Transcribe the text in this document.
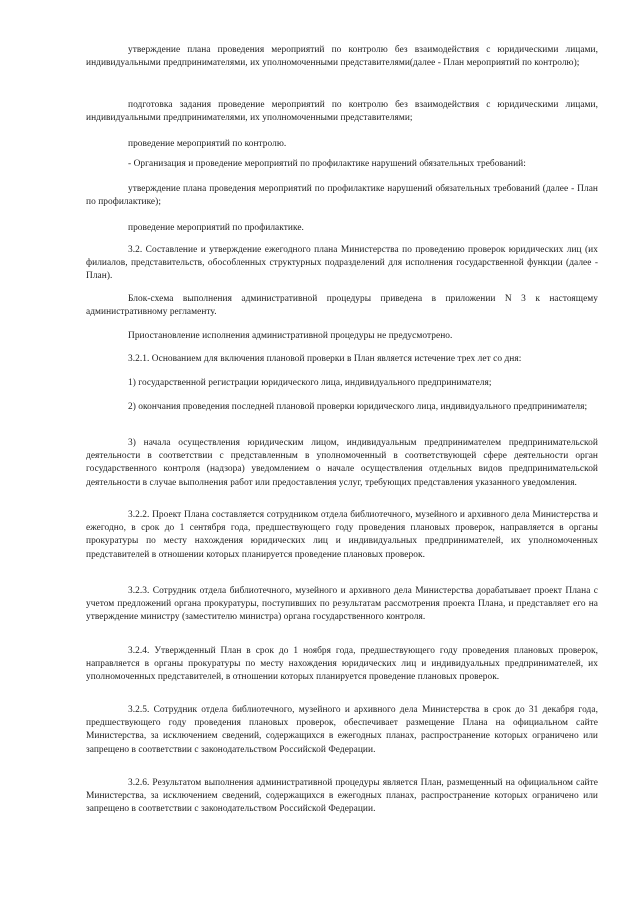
утверждение плана проведения мероприятий по контролю без взаимодействия с юридическими лицами, индивидуальными предпринимателями, их уполномоченными представителями(далее - План мероприятий по контролю);

подготовка задания проведение мероприятий по контролю без взаимодействия с юридическими лицами, индивидуальными предпринимателями, их уполномоченными представителями;

проведение мероприятий по контролю.

- Организация и проведение мероприятий по профилактике нарушений обязательных требований:

утверждение плана проведения мероприятий по профилактике нарушений обязательных требований (далее - План по профилактике);

проведение мероприятий по профилактике.

3.2. Составление и утверждение ежегодного плана Министерства по проведению проверок юридических лиц (их филиалов, представительств, обособленных структурных подразделений для исполнения государственной функции (далее - План).

Блок-схема выполнения административной процедуры приведена в приложении N 3 к настоящему административному регламенту.

Приостановление исполнения административной процедуры не предусмотрено.

3.2.1. Основанием для включения плановой проверки в План является истечение трех лет со дня:

1) государственной регистрации юридического лица, индивидуального предпринимателя;

2) окончания проведения последней плановой проверки юридического лица, индивидуального предпринимателя;

3) начала осуществления юридическим лицом, индивидуальным предпринимателем предпринимательской деятельности в соответствии с представленным в уполномоченный в соответствующей сфере деятельности орган государственного контроля (надзора) уведомлением о начале осуществления отдельных видов предпринимательской деятельности в случае выполнения работ или предоставления услуг, требующих представления указанного уведомления.

3.2.2. Проект Плана составляется сотрудником отдела библиотечного, музейного и архивного дела Министерства и ежегодно, в срок до 1 сентября года, предшествующего году проведения плановых проверок, направляется в органы прокуратуры по месту нахождения юридических лиц и индивидуальных предпринимателей, их уполномоченных представителей в отношении которых планируется проведение плановых проверок.

3.2.3. Сотрудник отдела библиотечного, музейного и архивного дела Министерства дорабатывает проект Плана с учетом предложений органа прокуратуры, поступивших по результатам рассмотрения проекта Плана, и представляет его на утверждение министру (заместителю министра) органа государственного контроля.

3.2.4. Утвержденный План в срок до 1 ноября года, предшествующего году проведения плановых проверок, направляется в органы прокуратуры по месту нахождения юридических лиц и индивидуальных предпринимателей, их уполномоченных представителей, в отношении которых планируется проведение плановых проверок.

3.2.5. Сотрудник отдела библиотечного, музейного и архивного дела Министерства в срок до 31 декабря года, предшествующего году проведения плановых проверок, обеспечивает размещение Плана на официальном сайте Министерства, за исключением сведений, содержащихся в ежегодных планах, распространение которых ограничено или запрещено в соответствии с законодательством Российской Федерации.

3.2.6. Результатом выполнения административной процедуры является План, размещенный на официальном сайте Министерства, за исключением сведений, содержащихся в ежегодных планах, распространение которых ограничено или запрещено в соответствии с законодательством Российской Федерации.
